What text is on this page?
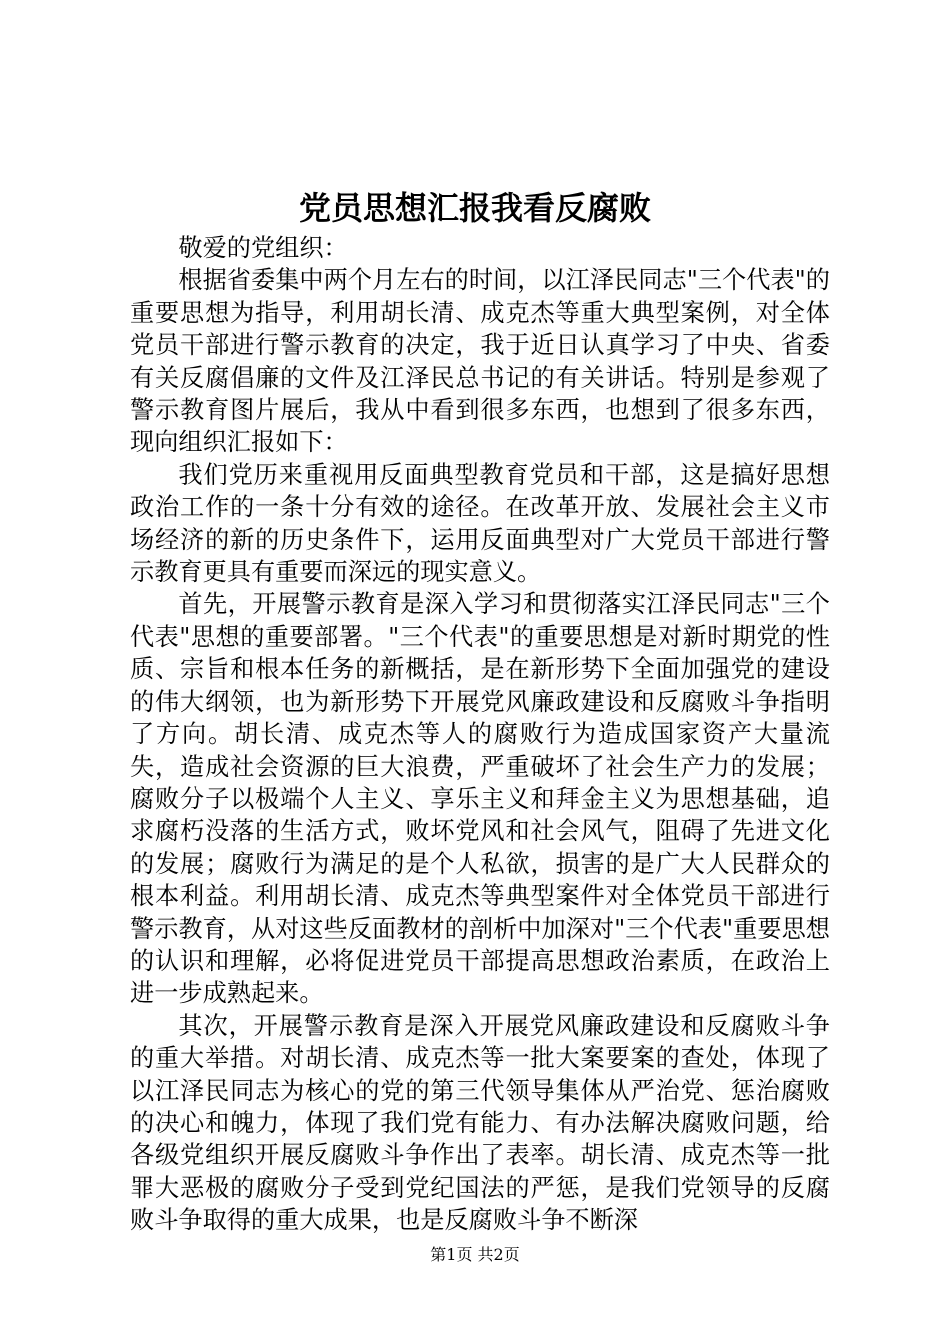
党员思想汇报我看反腐败

敬爱的党组织：

根据省委集中两个月左右的时间，以江泽民同志"三个代表"的重要思想为指导，利用胡长清、成克杰等重大典型案例，对全体党员干部进行警示教育的决定，我于近日认真学习了中央、省委有关反腐倡廉的文件及江泽民总书记的有关讲话。特别是参观了警示教育图片展后，我从中看到很多东西，也想到了很多东西，现向组织汇报如下：

我们党历来重视用反面典型教育党员和干部，这是搞好思想政治工作的一条十分有效的途径。在改革开放、发展社会主义市场经济的新的历史条件下，运用反面典型对广大党员干部进行警示教育更具有重要而深远的现实意义。

首先，开展警示教育是深入学习和贯彻落实江泽民同志"三个代表"思想的重要部署。"三个代表"的重要思想是对新时期党的性质、宗旨和根本任务的新概括，是在新形势下全面加强党的建设的伟大纲领，也为新形势下开展党风廉政建设和反腐败斗争指明了方向。胡长清、成克杰等人的腐败行为造成国家资产大量流失，造成社会资源的巨大浪费，严重破坏了社会生产力的发展；腐败分子以极端个人主义、享乐主义和拜金主义为思想基础，追求腐朽没落的生活方式，败坏党风和社会风气，阻碍了先进文化的发展；腐败行为满足的是个人私欲，损害的是广大人民群众的根本利益。利用胡长清、成克杰等典型案件对全体党员干部进行警示教育，从对这些反面教材的剖析中加深对"三个代表"重要思想的认识和理解，必将促进党员干部提高思想政治素质，在政治上进一步成熟起来。

其次，开展警示教育是深入开展党风廉政建设和反腐败斗争的重大举措。对胡长清、成克杰等一批大案要案的查处，体现了以江泽民同志为核心的党的第三代领导集体从严治党、惩治腐败的决心和魄力，体现了我们党有能力、有办法解决腐败问题，给各级党组织开展反腐败斗争作出了表率。胡长清、成克杰等一批罪大恶极的腐败分子受到党纪国法的严惩，是我们党领导的反腐败斗争取得的重大成果，也是反腐败斗争不断深

第1页 共2页
